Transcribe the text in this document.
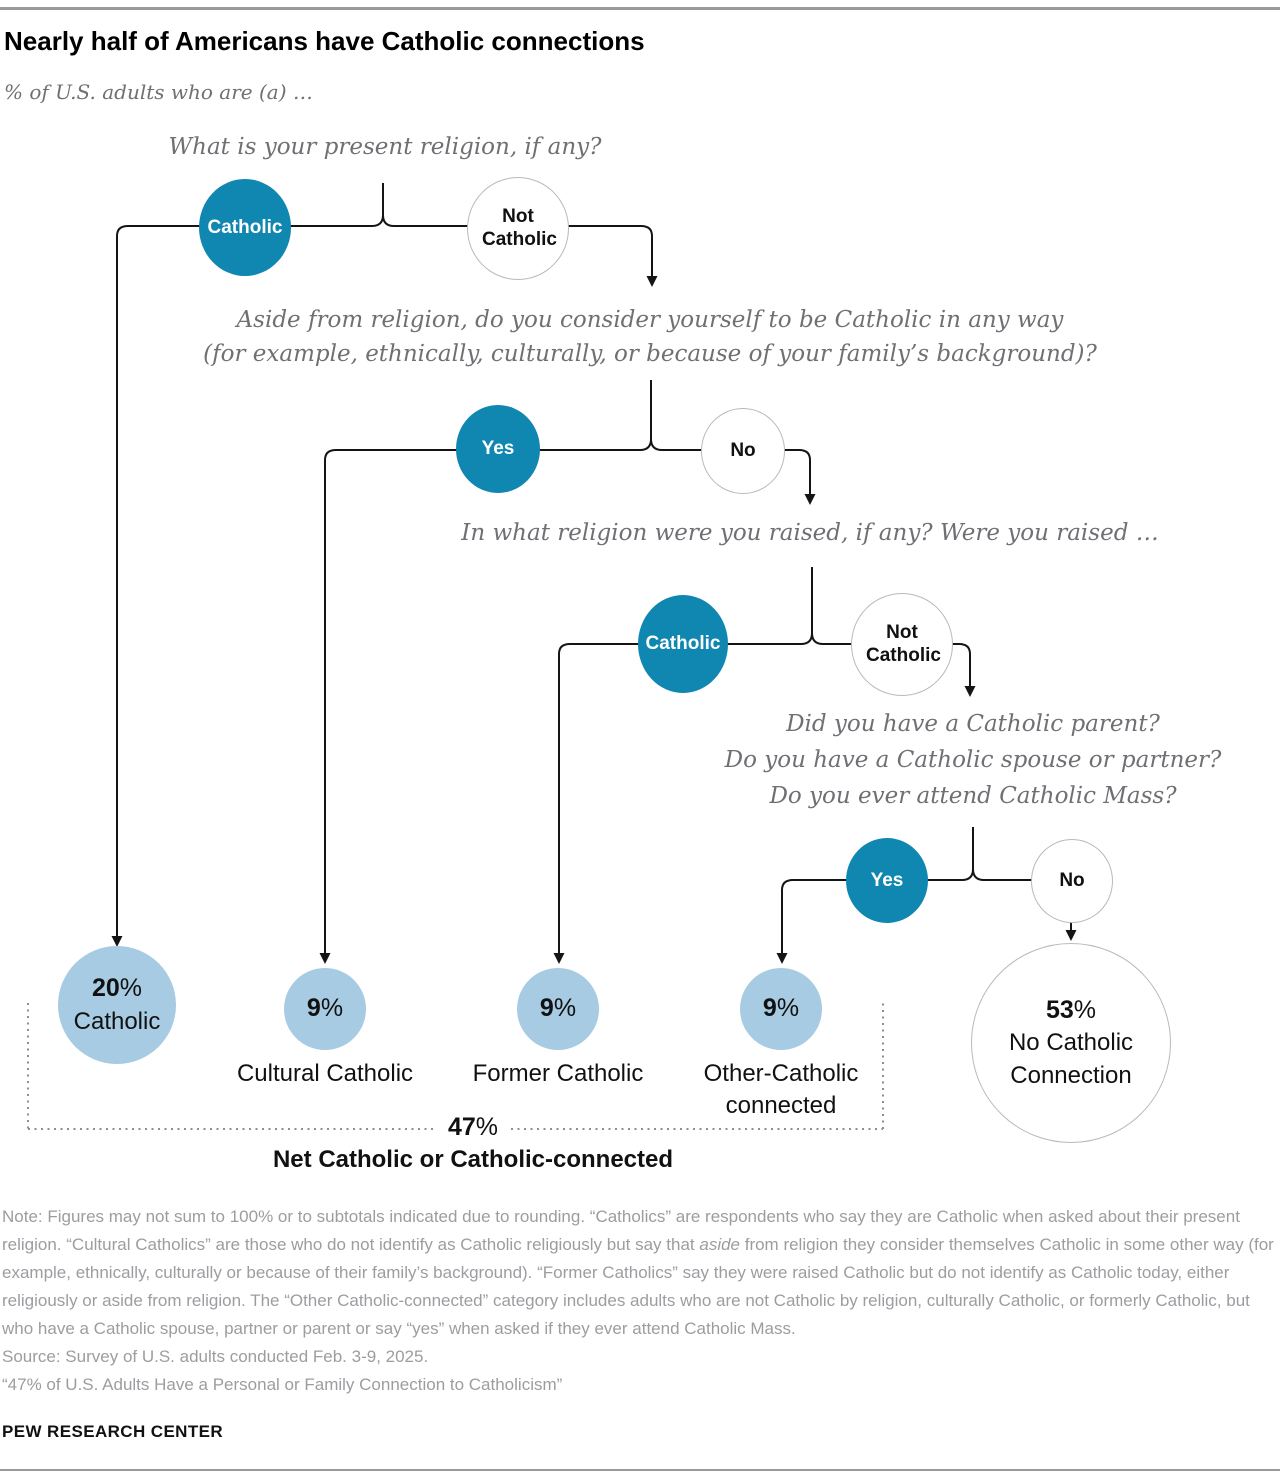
Nearly half of Americans have Catholic connections
% of U.S. adults who are (a) …
What is your present religion, if any?
Aside from religion, do you consider yourself to be Catholic in any way
(for example, ethnically, culturally, or because of your family’s background)?
In what religion were you raised, if any? Were you raised …
Did you have a Catholic parent?
Do you have a Catholic spouse or partner?
Do you ever attend Catholic Mass?
Catholic	Not Catholic
Yes	No
Catholic
Not Catholic
Yes	No
20%
Catholic	9%
Cultural Catholic
9%
Former Catholic
9%
Other-Catholic
connected
53%
No Catholic
Connection
47%
Net Catholic or Catholic-connected
Note: Figures may not sum to 100% or to subtotals indicated due to rounding. “Catholics” are respondents who say they are Catholic when asked about their present religion. “Cultural Catholics” are those who do not identify as Catholic religiously but say that aside from religion they consider themselves Catholic in some other way (for example, ethnically, culturally or because of their family’s background). “Former Catholics” say they were raised Catholic but do not identify as Catholic today, either religiously or aside from religion. The “Other Catholic-connected” category includes adults who are not Catholic by religion, culturally Catholic, or formerly Catholic, but who have a Catholic spouse, partner or parent or say “yes” when asked if they ever attend Catholic Mass.
Source: Survey of U.S. adults conducted Feb. 3-9, 2025.
“47% of U.S. Adults Have a Personal or Family Connection to Catholicism”
PEW RESEARCH CENTER
